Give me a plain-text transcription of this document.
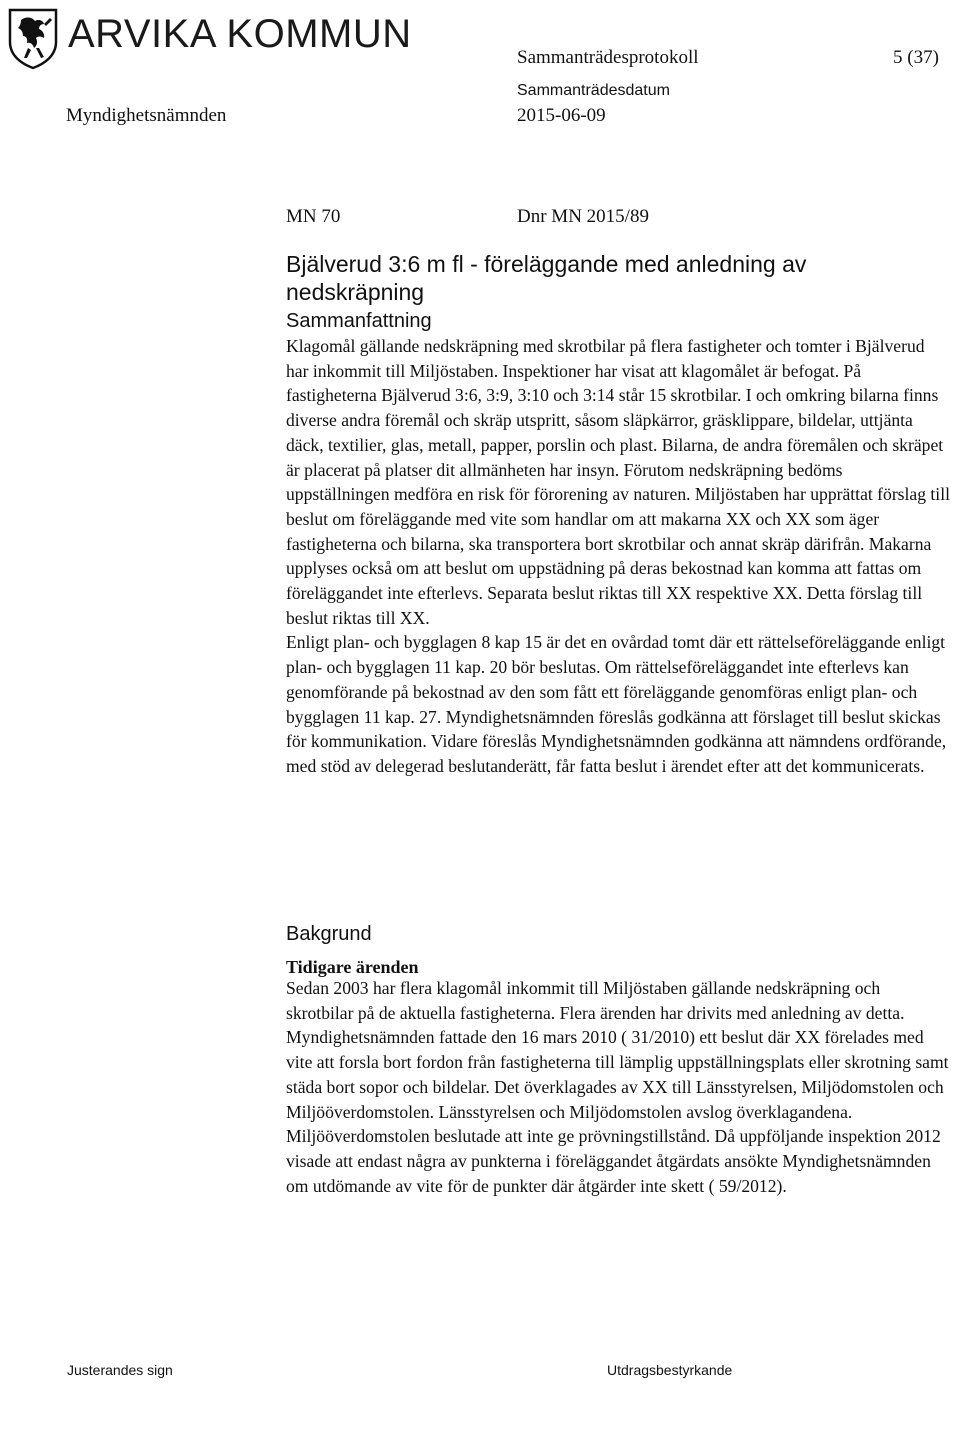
ARVIKA KOMMUN
Sammanträdesprotokoll	5 (37)
Sammanträdesdatum
Myndighetsnämnden	2015-06-09
MN 70	Dnr MN 2015/89
Bjälverud 3:6 m fl - föreläggande med anledning av nedskräpning
Sammanfattning

Klagomål gällande nedskräpning med skrotbilar på flera fastigheter och tomter i Bjälverud har inkommit till Miljöstaben. Inspektioner har visat att klagomålet är befogat. På fastigheterna Bjälverud 3:6, 3:9, 3:10 och 3:14 står 15 skrotbilar. I och omkring bilarna finns diverse andra föremål och skräp utspritt, såsom släpkärror, gräsklippare, bildelar, uttjänta däck, textilier, glas, metall, papper, porslin och plast. Bilarna, de andra föremålen och skräpet är placerat på platser dit allmänheten har insyn. Förutom nedskräpning bedöms uppställningen medföra en risk för förorening av naturen. Miljöstaben har upprättat förslag till beslut om föreläggande med vite som handlar om att makarna XX och XX som äger fastigheterna och bilarna, ska transportera bort skrotbilar och annat skräp därifrån. Makarna upplyses också om att beslut om uppstädning på deras bekostnad kan komma att fattas om föreläggandet inte efterlevs. Separata beslut riktas till XX respektive XX. Detta förslag till beslut riktas till XX.

Enligt plan- och bygglagen 8 kap 15 är det en ovårdad tomt där ett rättelseföreläggande enligt plan- och bygglagen 11 kap. 20 bör beslutas. Om rättelseföreläggandet inte efterlevs kan genomförande på bekostnad av den som fått ett föreläggande genomföras enligt plan- och bygglagen 11 kap. 27. Myndighetsnämnden föreslås godkänna att förslaget till beslut skickas för kommunikation. Vidare föreslås Myndighetsnämnden godkänna att nämndens ordförande, med stöd av delegerad beslutanderätt, får fatta beslut i ärendet efter att det kommunicerats.

Bakgrund
Tidigare ärenden

Sedan 2003 har flera klagomål inkommit till Miljöstaben gällande nedskräpning och skrotbilar på de aktuella fastigheterna. Flera ärenden har drivits med anledning av detta. Myndighetsnämnden fattade den 16 mars 2010 ( 31/2010) ett beslut där XX förelades med vite att forsla bort fordon från fastigheterna till lämplig uppställningsplats eller skrotning samt städa bort sopor och bildelar. Det överklagades av XX till Länsstyrelsen, Miljödomstolen och Miljööverdomstolen. Länsstyrelsen och Miljödomstolen avslog överklagandena. Miljööverdomstolen beslutade att inte ge prövningstillstånd. Då uppföljande inspektion 2012 visade att endast några av punkterna i föreläggandet åtgärdats ansökte Myndighetsnämnden om utdömande av vite för de punkter där åtgärder inte skett ( 59/2012).

Justerandes sign	Utdragsbestyrkande
